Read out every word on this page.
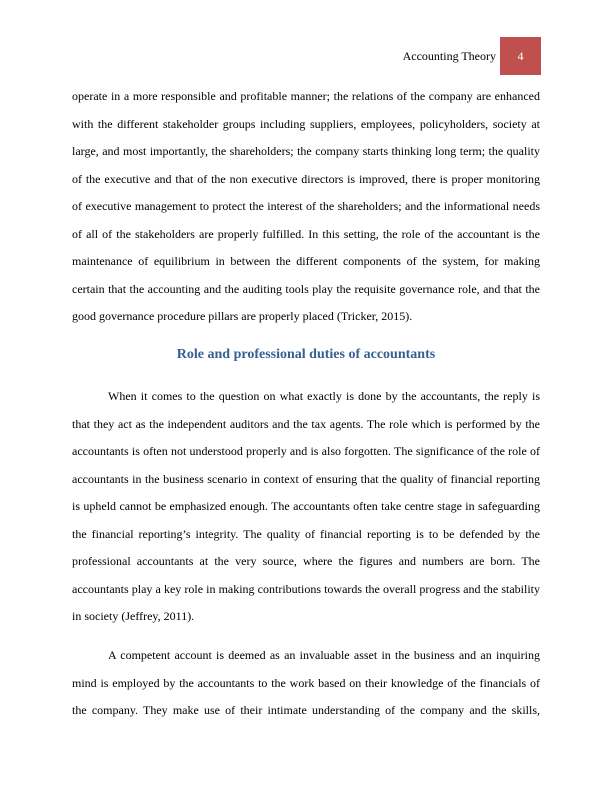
Accounting Theory 4
operate in a more responsible and profitable manner; the relations of the company are enhanced
with the different stakeholder groups including suppliers, employees, policyholders, society at
large, and most importantly, the shareholders; the company starts thinking long term; the quality
of the executive and that of the non executive directors is improved, there is proper monitoring
of executive management to protect the interest of the shareholders; and the informational needs
of all of the stakeholders are properly fulfilled. In this setting, the role of the accountant is the
maintenance of equilibrium in between the different components of the system, for making
certain that the accounting and the auditing tools play the requisite governance role, and that the
good governance procedure pillars are properly placed (Tricker, 2015).
Role and professional duties of accountants
When it comes to the question on what exactly is done by the accountants, the reply is
that they act as the independent auditors and the tax agents. The role which is performed by the
accountants is often not understood properly and is also forgotten. The significance of the role of
accountants in the business scenario in context of ensuring that the quality of financial reporting
is upheld cannot be emphasized enough. The accountants often take centre stage in safeguarding
the financial reporting’s integrity. The quality of financial reporting is to be defended by the
professional accountants at the very source, where the figures and numbers are born. The
accountants play a key role in making contributions towards the overall progress and the stability
in society (Jeffrey, 2011).
A competent account is deemed as an invaluable asset in the business and an inquiring
mind is employed by the accountants to the work based on their knowledge of the financials of
the company. They make use of their intimate understanding of the company and the skills,
